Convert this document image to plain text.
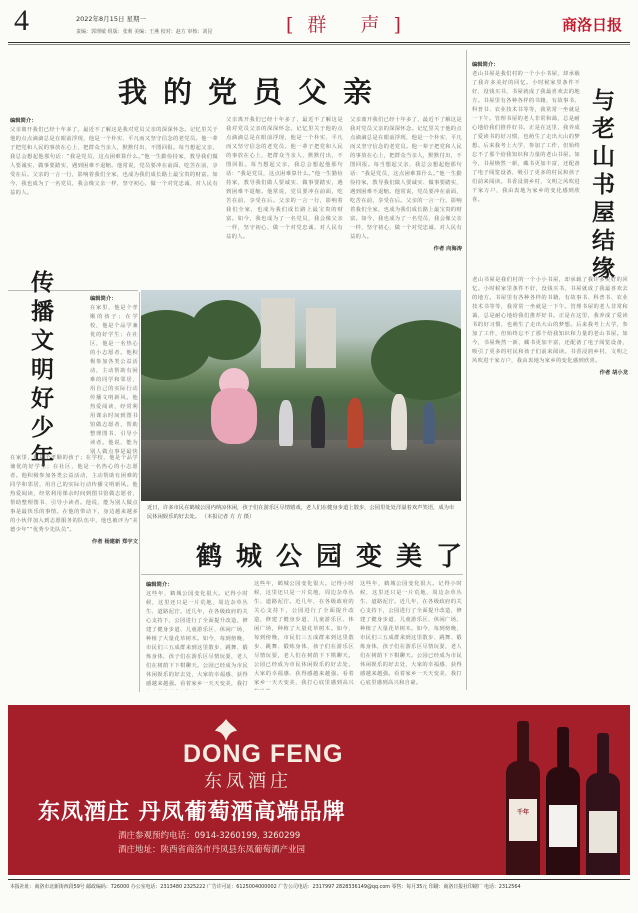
4	2022年8月15日 星期一
责编：郭理敏 组版：张莉 美编：王燕 校对：赵方 审核：刘昆	[群 声]	商洛日报
我的党员父亲
编辑简介：
父亲离开我们已经十年多了，最近不了解这是我对党员父亲的深深怀念。记忆里关于他的点点滴滴总是在眼前浮现，他是一个朴实、平凡而又坚守信念的老党员。他一辈子把党和人民的事放在心上，把群众当亲人，默默付出，不图回报。每当想起父亲，我总会想起他那句话：“我是党员，这点困难算什么。”他一生勤俭持家，教导我们做人要诚实、做事要踏实，遇到困难不退缩。他常说，党员要冲在前面，吃苦在前，享受在后。父亲的一言一行，影响着我们全家，也成为我们成长路上最宝贵的财富。如今，我也成为了一名党员，我会像父亲一样，坚守初心，做一个对党忠诚、对人民有益的人。
父亲离开我们已经十年多了，最近不了解这是我对党员父亲的深深怀念。记忆里关于他的点点滴滴总是在眼前浮现，他是一个朴实、平凡而又坚守信念的老党员。他一辈子把党和人民的事放在心上，把群众当亲人，默默付出，不图回报。每当想起父亲，我总会想起他那句话：“我是党员，这点困难算什么。”他一生勤俭持家，教导我们做人要诚实、做事要踏实，遇到困难不退缩。他常说，党员要冲在前面，吃苦在前，享受在后。父亲的一言一行，影响着我们全家，也成为我们成长路上最宝贵的财富。如今，我也成为了一名党员，我会像父亲一样，坚守初心，做一个对党忠诚、对人民有益的人。
父亲离开我们已经十年多了，最近不了解这是我对党员父亲的深深怀念。记忆里关于他的点点滴滴总是在眼前浮现，他是一个朴实、平凡而又坚守信念的老党员。他一辈子把党和人民的事放在心上，把群众当亲人，默默付出，不图回报。每当想起父亲，我总会想起他那句话：“我是党员，这点困难算什么。”他一生勤俭持家，教导我们做人要诚实、做事要踏实，遇到困难不退缩。他常说，党员要冲在前面，吃苦在前，享受在后。父亲的一言一行，影响着我们全家，也成为我们成长路上最宝贵的财富。如今，我也成为了一名党员，我会像父亲一样，坚守初心，做一个对党忠诚、对人民有益的人。
作者 向海涛
传播文明好少年	编辑简介：
在家里，他是个孝顺的孩子；在学校，他是个品学兼优的好学生；在社区，他是一名热心的小志愿者。他积极参加各类公益活动，主动帮助有困难的同学和邻居，用自己的实际行动传播文明新风。他热爱阅读，经常利用课余时间到图书馆做志愿者，帮助整理图书、引导小读者。他说，能为别人做点事是最快
在家里，他是个孝顺的孩子；在学校，他是个品学兼优的好学生；在社区，他是一名热心的小志愿者。他积极参加各类公益活动，主动帮助有困难的同学和邻居，用自己的实际行动传播文明新风。他热爱阅读，经常利用课余时间到图书馆做志愿者，帮助整理图书、引导小读者。他说，能为别人做点事是最快乐的事情。在他的带动下，身边越来越多的小伙伴加入到志愿服务的队伍中，他也被评为“美德少年”“优秀少先队员”。
作者 杨建新 郑宇文
近日，许多市民在鹤城公园内纳凉休闲，孩子们在游乐区尽情嬉戏，老人们在健身步道上散步，公园里处处洋溢着欢声笑语，成为市民休闲娱乐的好去处。 （本报记者 方 方 摄）
与老山书屋结缘
编辑简介：
老山书屋是我们村的一个小小书屋，却承载了我许多美好的回忆。小时候家里条件不好，没钱买书，书屋就成了我最喜欢去的地方。书屋里有各种各样的书籍，有故事书、科普书、农业技术书等等，我常常一坐就是一下午。管理书屋的老人非常和蔼，总是耐心地给我们推荐好书。正是在这里，我养成了爱读书的好习惯，也萌生了走出大山的梦想。后来我考上大学，参加了工作，但始终忘不了那个给我知识和力量的老山书屋。如今，书屋焕然一新，藏书更加丰富，还配备了电子阅览设备，吸引了更多的村民和孩子们前来阅读。书香浸润乡村，文明之风吹进千家万户，我由衷地为家乡的变化感到欣喜。
老山书屋是我们村的一个小小书屋，却承载了我许多美好的回忆。小时候家里条件不好，没钱买书，书屋就成了我最喜欢去的地方。书屋里有各种各样的书籍，有故事书、科普书、农业技术书等等，我常常一坐就是一下午。管理书屋的老人非常和蔼，总是耐心地给我们推荐好书。正是在这里，我养成了爱读书的好习惯，也萌生了走出大山的梦想。后来我考上大学，参加了工作，但始终忘不了那个给我知识和力量的老山书屋。如今，书屋焕然一新，藏书更加丰富，还配备了电子阅览设备，吸引了更多的村民和孩子们前来阅读。书香浸润乡村，文明之风吹进千家万户，我由衷地为家乡的变化感到欣喜。
作者 胡小龙
鹤城公园变美了
编辑简介：
这些年，鹤城公园变化很大。记得小时候，这里还只是一片荒地，周边杂草丛生、道路泥泞。近几年，在各级政府的关心支持下，公园进行了全面提升改造，修建了健身步道、儿童游乐区、休闲广场，种植了大量花草树木。如今，每到傍晚，市民们三五成群来到这里散步、跳舞、锻炼身体，孩子们在游乐区尽情玩耍，老人们在树荫下下棋聊天。公园已经成为市民休闲娱乐的好去处，大家的幸福感、获得感越来越强。看着家乡一天天变美，我打
这些年，鹤城公园变化很大。记得小时候，这里还只是一片荒地，周边杂草丛生、道路泥泞。近几年，在各级政府的关心支持下，公园进行了全面提升改造，修建了健身步道、儿童游乐区、休闲广场，种植了大量花草树木。如今，每到傍晚，市民们三五成群来到这里散步、跳舞、锻炼身体，孩子们在游乐区尽情玩耍，老人们在树荫下下棋聊天。公园已经成为市民休闲娱乐的好去处，大家的幸福感、获得感越来越强。看着家乡一天天变美，我打心底里感到高兴
这些年，鹤城公园变化很大。记得小时候，这里还只是一片荒地，周边杂草丛生、道路泥泞。近几年，在各级政府的关心支持下，公园进行了全面提升改造，修建了健身步道、儿童游乐区、休闲广场，种植了大量花草树木。如今，每到傍晚，市民们三五成群来到这里散步、跳舞、锻炼身体，孩子们在游乐区尽情玩耍，老人们在树荫下下棋聊天。公园已经成为市民休闲娱乐的好去处，大家的幸福感、获得感越来越强。看着家乡一天天变美，我打心底里感到高兴和自豪。
DONG FENG
东凤酒庄
东凤酒庄 丹凤葡萄酒高端品牌
酒庄参观预约电话：0914-3260199, 3260299
酒庄地址：陕西省商洛市丹凤县东凤葡萄酒产业园
千年
本报社址：商洛市北新街西段59号 邮政编码：726000 办公室电话：2313480 2325222 广告许可证：6125004000002 广告公司电话：2317997 2828336149@qq.com 零售：每月35元 印刷：商洛日报社印刷厂 电话：2312564
